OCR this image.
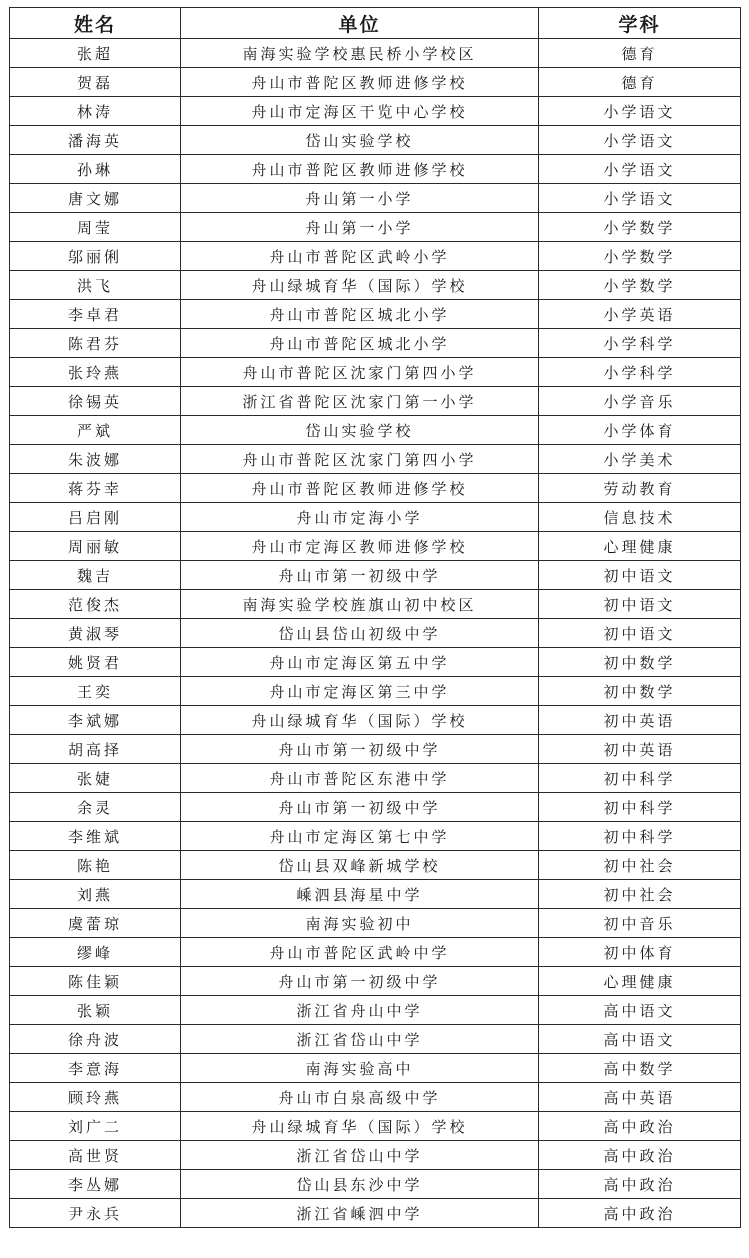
姓名	单位	学科
张超	南海实验学校惠民桥小学校区	德育
贺磊	舟山市普陀区教师进修学校	德育
林涛	舟山市定海区干览中心学校	小学语文
潘海英	岱山实验学校	小学语文
孙琳	舟山市普陀区教师进修学校	小学语文
唐文娜	舟山第一小学	小学语文
周莹	舟山第一小学	小学数学
邬丽俐	舟山市普陀区武岭小学	小学数学
洪飞	舟山绿城育华（国际）学校	小学数学
李卓君	舟山市普陀区城北小学	小学英语
陈君芬	舟山市普陀区城北小学	小学科学
张玲燕	舟山市普陀区沈家门第四小学	小学科学
徐锡英	浙江省普陀区沈家门第一小学	小学音乐
严斌	岱山实验学校	小学体育
朱波娜	舟山市普陀区沈家门第四小学	小学美术
蒋芬幸	舟山市普陀区教师进修学校	劳动教育
吕启刚	舟山市定海小学	信息技术
周丽敏	舟山市定海区教师进修学校	心理健康
魏吉	舟山市第一初级中学	初中语文
范俊杰	南海实验学校旌旗山初中校区	初中语文
黄淑琴	岱山县岱山初级中学	初中语文
姚贤君	舟山市定海区第五中学	初中数学
王奕	舟山市定海区第三中学	初中数学
李斌娜	舟山绿城育华（国际）学校	初中英语
胡高择	舟山市第一初级中学	初中英语
张婕	舟山市普陀区东港中学	初中科学
余灵	舟山市第一初级中学	初中科学
李维斌	舟山市定海区第七中学	初中科学
陈艳	岱山县双峰新城学校	初中社会
刘燕	嵊泗县海星中学	初中社会
虞蕾琼	南海实验初中	初中音乐
缪峰	舟山市普陀区武岭中学	初中体育
陈佳颖	舟山市第一初级中学	心理健康
张颖	浙江省舟山中学	高中语文
徐舟波	浙江省岱山中学	高中语文
李意海	南海实验高中	高中数学
顾玲燕	舟山市白泉高级中学	高中英语
刘广二	舟山绿城育华（国际）学校	高中政治
高世贤	浙江省岱山中学	高中政治
李丛娜	岱山县东沙中学	高中政治
尹永兵	浙江省嵊泗中学	高中政治
